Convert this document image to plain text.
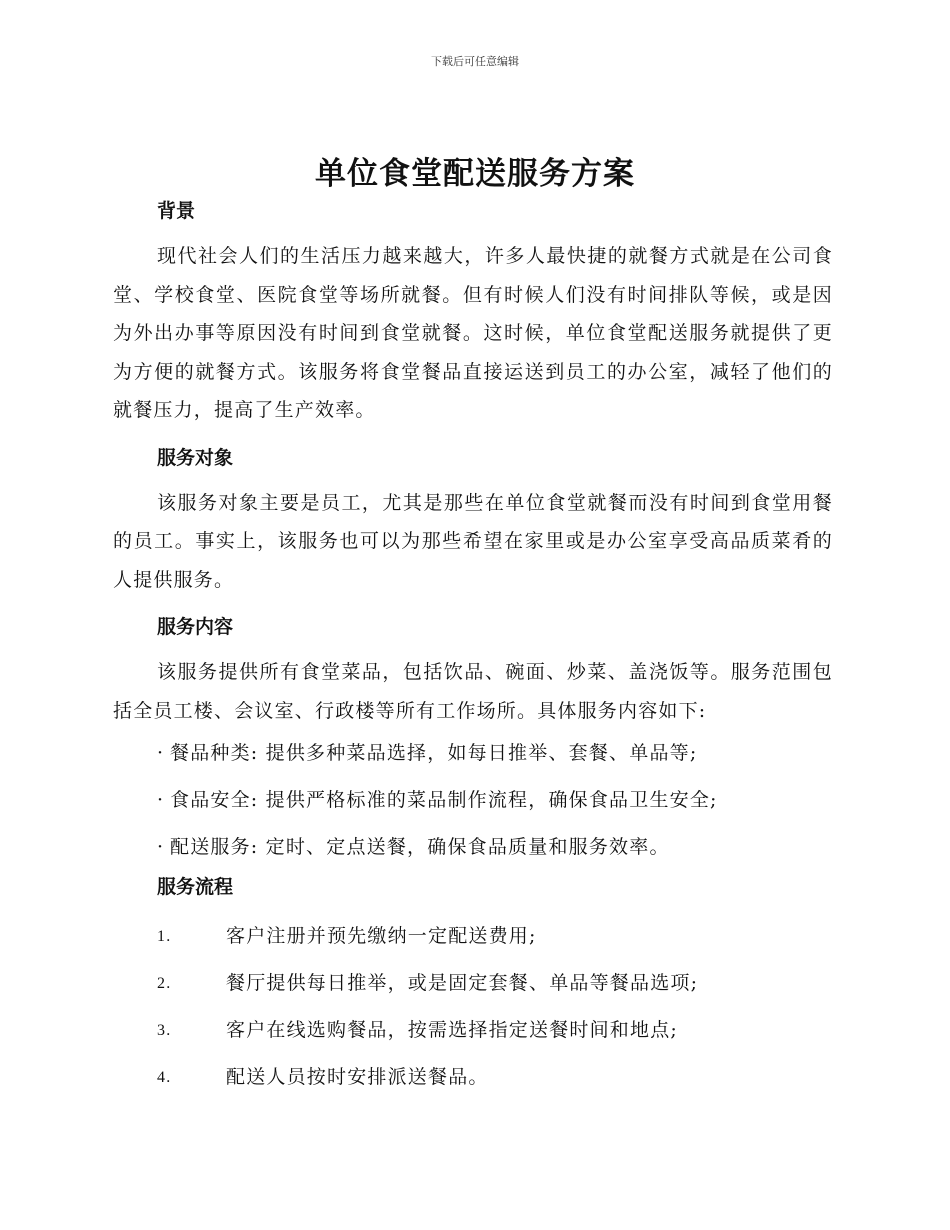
下载后可任意编辑
单位食堂配送服务方案
背景

现代社会人们的生活压力越来越大，许多人最快捷的就餐方式就是在公司食堂、学校食堂、医院食堂等场所就餐。但有时候人们没有时间排队等候，或是因为外出办事等原因没有时间到食堂就餐。这时候，单位食堂配送服务就提供了更为方便的就餐方式。该服务将食堂餐品直接运送到员工的办公室，减轻了他们的就餐压力，提高了生产效率。

服务对象

该服务对象主要是员工，尤其是那些在单位食堂就餐而没有时间到食堂用餐的员工。事实上，该服务也可以为那些希望在家里或是办公室享受高品质菜肴的人提供服务。

服务内容

该服务提供所有食堂菜品，包括饮品、碗面、炒菜、盖浇饭等。服务范围包括全员工楼、会议室、行政楼等所有工作场所。具体服务内容如下:

· 餐品种类: 提供多种菜品选择，如每日推举、套餐、单品等;
· 食品安全: 提供严格标准的菜品制作流程，确保食品卫生安全;
· 配送服务: 定时、定点送餐，确保食品质量和服务效率。
服务流程
1.	客户注册并预先缴纳一定配送费用;
2.	餐厅提供每日推举，或是固定套餐、单品等餐品选项;
3.	客户在线选购餐品，按需选择指定送餐时间和地点;
4.	配送人员按时安排派送餐品。
